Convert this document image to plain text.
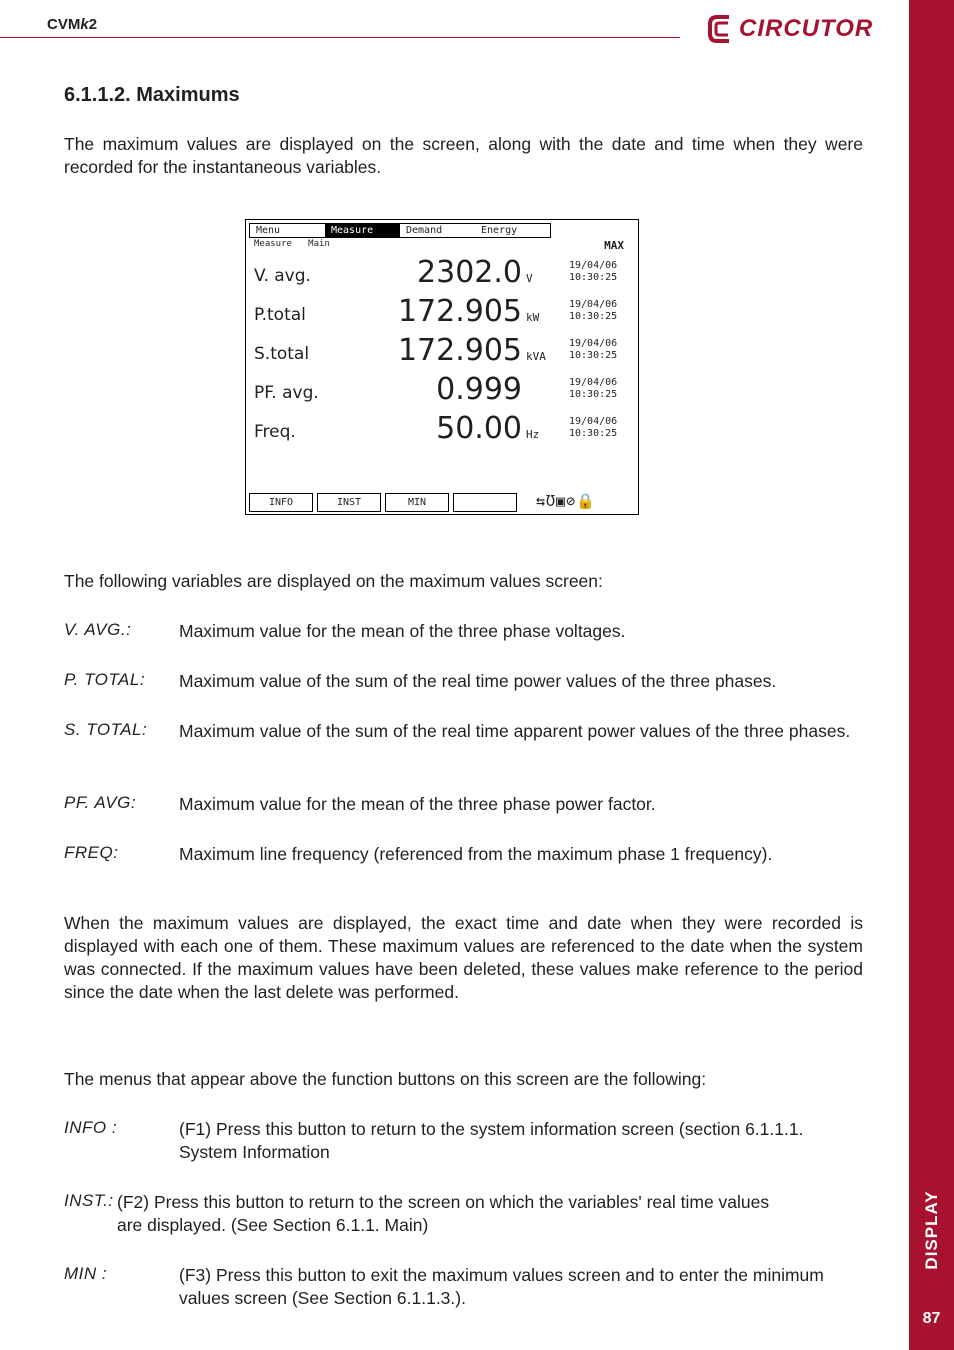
DISPLAY
87
CVMk2	CIRCUTOR
6.1.1.2. Maximums

The maximum values are displayed on the screen, along with the date and time when they were recorded for the instantaneous variables.

Menu	Measure	Demand	Energy
Measure   Main	MAX
V. avg.	2302.0 V
19/04/06
10:30:25
P.total	172.905 kW
19/04/06
10:30:25
S.total	172.905 kVA
19/04/06
10:30:25
PF. avg.	0.999	19/04/06
10:30:25
Freq.	50.00 Hz
19/04/06
10:30:25
INFO	INST	MIN	⇆Ʊ▣⊘🔒

The following variables are displayed on the maximum values screen:

V. AVG.:	Maximum value for the mean of the three phase voltages.

P. TOTAL: Maximum value of the sum of the real time power values of the three phases.

S. TOTAL: Maximum value of the sum of the real time apparent power values of the three phases.

PF. AVG: Maximum value for the mean of the three phase power factor.

FREQ:	Maximum line frequency (referenced from the maximum phase 1 frequency).

When the maximum values are displayed, the exact time and date when they were recorded is displayed with each one of them. These maximum values are referenced to the date when the system was connected. If the maximum values have been deleted, these values make reference to the period since the date when the last delete was performed.

The menus that appear above the function buttons on this screen are the following:

INFO :	(F1) Press this button to return to the system information screen (section 6.1.1.1. System Information

INST.: (F2) Press this button to return to the screen on which the variables' real time values are displayed. (See Section 6.1.1. Main)

MIN :	(F3) Press this button to exit the maximum values screen and to enter the minimum values screen (See Section 6.1.1.3.).
